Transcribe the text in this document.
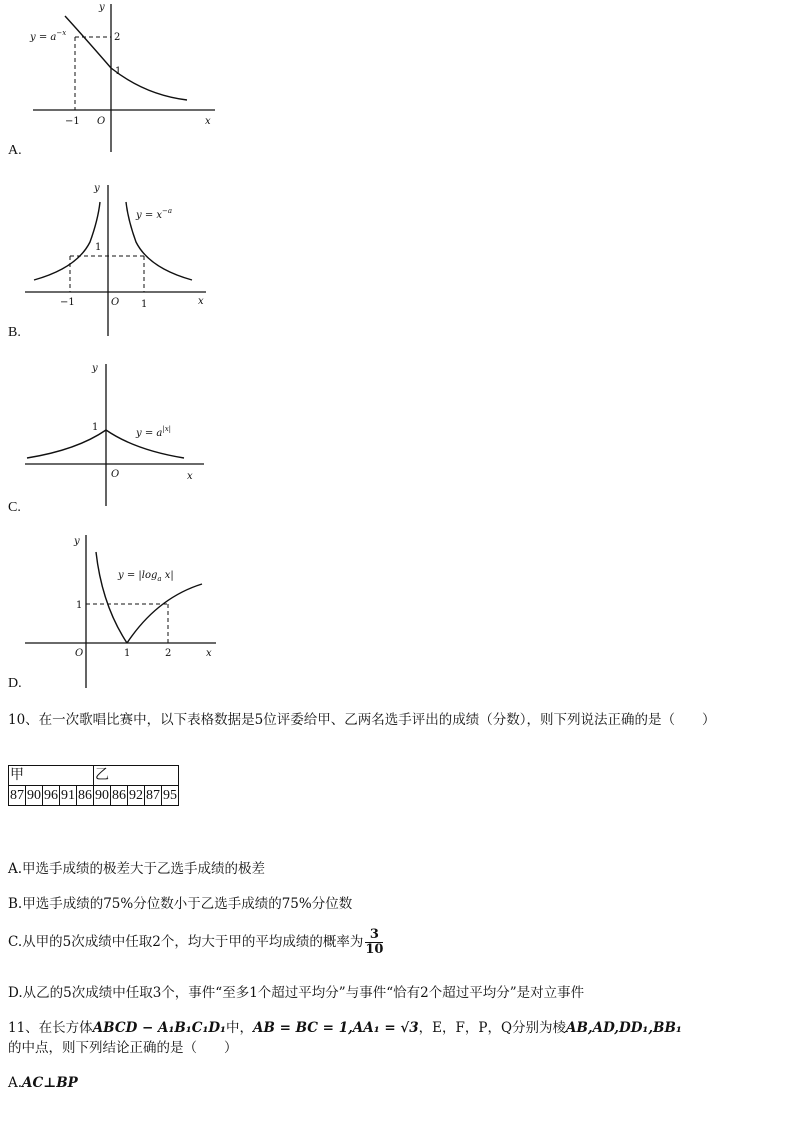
y
x
O
−1
2
1
$y = a^{-x}$
A.
y
x
O
−1	1
1
$y = x^{-a}$
B.
y
x
O
1
$y = a^{|x|}$
C.
y
x
O
1
1	2
$y = |\log_a$ x|
D.
10、在一次歌唱比赛中，以下表格数据是5位评委给甲、乙两名选手评出的成绩（分数），则下列说法正确的是（　　）
甲					乙				
87	90	96	91	86	90	86	92	87	95
A.甲选手成绩的极差大于乙选手成绩的极差
B.甲选手成绩的75%分位数小于乙选手成绩的75%分位数
C.从甲的5次成绩中任取2个，均大于甲的平均成绩的概率为 $\frac{3}{10}$
D.从乙的5次成绩中任取3个，事件“至多1个超过平均分”与事件“恰有2个超过平均分”是对立事件
11、在长方体ABCD − A₁B₁C₁D₁中，AB = BC = 1,AA₁ = √3，E，F，P，Q分别为棱AB,AD,DD₁,BB₁
的中点，则下列结论正确的是（　　）
A.AC⊥BP
